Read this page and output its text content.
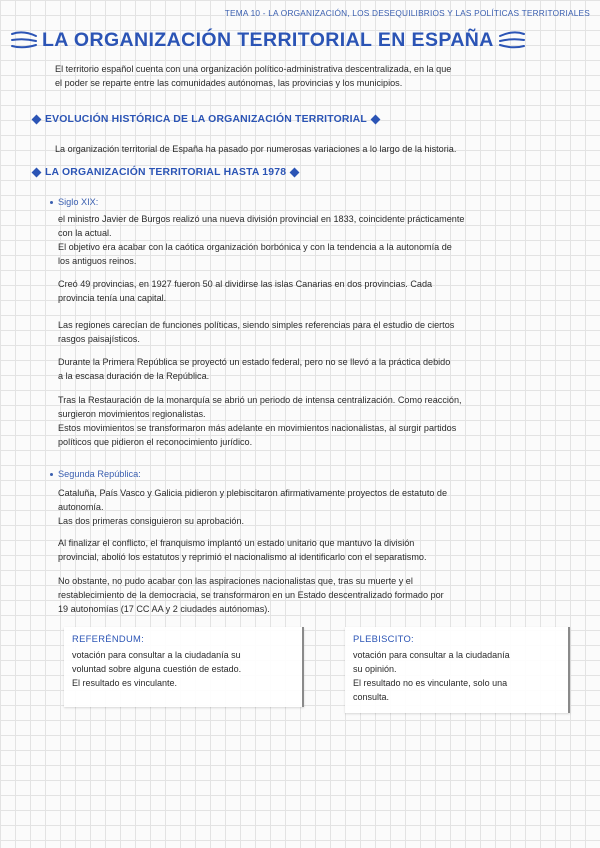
TEMA 10 - LA ORGANIZACIÓN, LOS DESEQUILIBRIOS Y LAS POLÍTICAS TERRITORIALES
LA ORGANIZACIÓN TERRITORIAL EN ESPAÑA
El territorio español cuenta con una organización político-administrativa descentralizada, en la que
el poder se reparte entre las comunidades autónomas, las provincias y los municipios.
EVOLUCIÓN HISTÓRICA DE LA ORGANIZACIÓN TERRITORIAL
La organización territorial de España ha pasado por numerosas variaciones a lo largo de la historia.
LA ORGANIZACIÓN TERRITORIAL HASTA 1978
Siglo XIX:
el ministro Javier de Burgos realizó una nueva división provincial en 1833, coincidente prácticamente
con la actual.
El objetivo era acabar con la caótica organización borbónica y con la tendencia a la autonomía de
los antiguos reinos.
Creó 49 provincias, en 1927 fueron 50 al dividirse las islas Canarias en dos provincias. Cada
provincia tenía una capital.
Las regiones carecían de funciones políticas, siendo simples referencias para el estudio de ciertos
rasgos paisajísticos.
Durante la Primera República se proyectó un estado federal, pero no se llevó a la práctica debido
a la escasa duración de la República.
Tras la Restauración de la monarquía se abrió un periodo de intensa centralización. Como reacción,
surgieron movimientos regionalistas.
Estos movimientos se transformaron más adelante en movimientos nacionalistas, al surgir partidos
políticos que pidieron el reconocimiento jurídico.
Segunda República:
Cataluña, País Vasco y Galicia pidieron y plebiscitaron afirmativamente proyectos de estatuto de
autonomía.
Las dos primeras consiguieron su aprobación.
Al finalizar el conflicto, el franquismo implantó un estado unitario que mantuvo la división
provincial, abolió los estatutos y reprimió el nacionalismo al identificarlo con el separatismo.
No obstante, no pudo acabar con las aspiraciones nacionalistas que, tras su muerte y el
restablecimiento de la democracia, se transformaron en un Estado descentralizado formado por
19 autonomías (17 CC AA y 2 ciudades autónomas).
REFERÉNDUM:
votación para consultar a la ciudadanía su
voluntad sobre alguna cuestión de estado.
El resultado es vinculante.
PLEBISCITO:
votación para consultar a la ciudadanía
su opinión.
El resultado no es vinculante, solo una
consulta.
